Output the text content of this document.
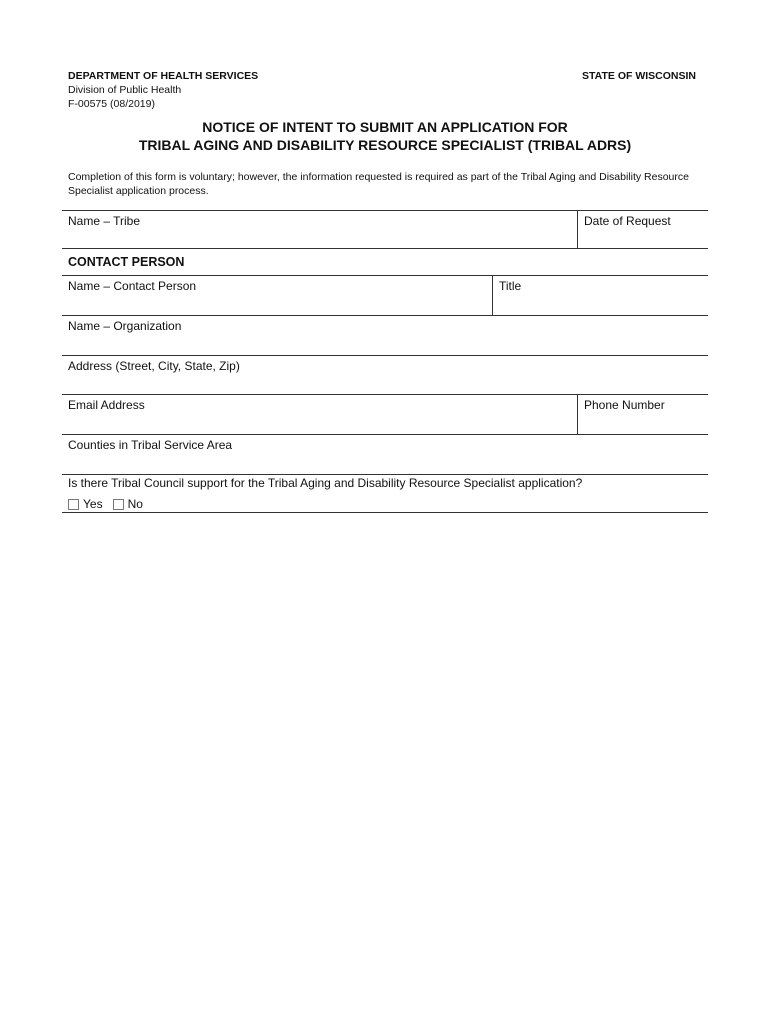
DEPARTMENT OF HEALTH SERVICES
Division of Public Health
F-00575 (08/2019)
STATE OF WISCONSIN
NOTICE OF INTENT TO SUBMIT AN APPLICATION FOR
TRIBAL AGING AND DISABILITY RESOURCE SPECIALIST (TRIBAL ADRS)
Completion of this form is voluntary; however, the information requested is required as part of the Tribal Aging and Disability Resource Specialist application process.
Name – Tribe	Date of Request
CONTACT PERSON
Name – Contact Person	Title
Name – Organization
Address (Street, City, State, Zip)
Email Address	Phone Number
Counties in Tribal Service Area
Is there Tribal Council support for the Tribal Aging and Disability Resource Specialist application?
Yes No
